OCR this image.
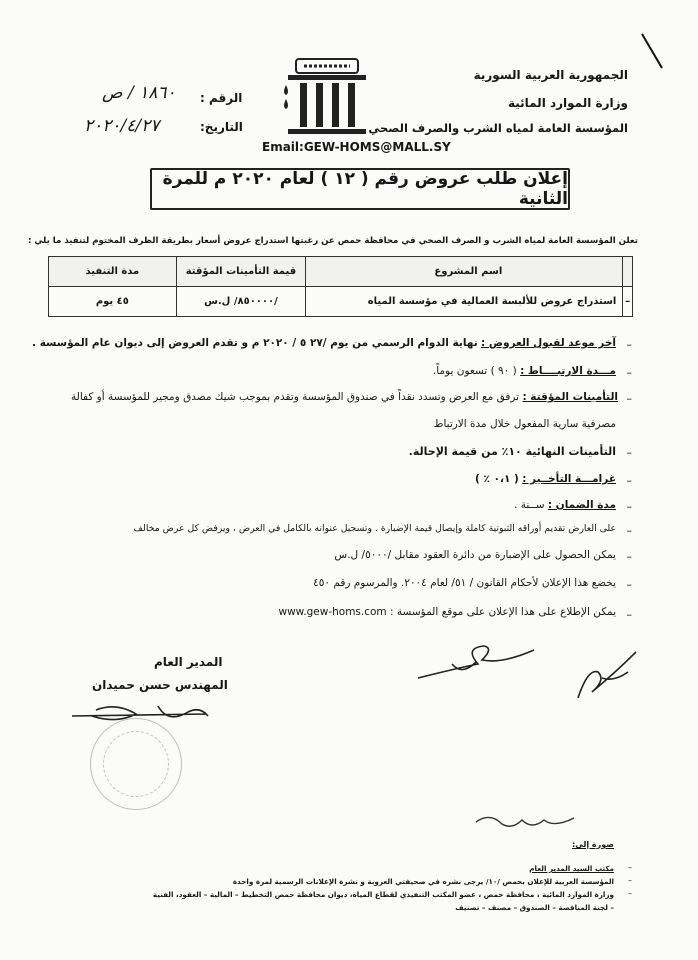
الجمهورية العربية السورية
وزارة الموارد المائية
المؤسسة العامة لمياه الشرب والصرف الصحي
الرقم :
١٨٦٠ / ص
التاريخ:
٢٠٢٠/٤/٢٧
Email:GEW-HOMS@MALL.SY
إعلان طلب عروض رقم ( ١٢ ) لعام ٢٠٢٠ م للمرة الثانية
تعلن المؤسسة العامة لمياه الشرب و الصرف الصحي في محافظة حمص عن رغبتها استدراج عروض أسعار بطريقة الظرف المختوم لتنفيذ ما يلي :
	اسم المشروع	قيمة التأمينات المؤقتة	مدة التنفيذ
–	استدراج عروض للألبسة العمالية في مؤسسة المياه	/٨٥٠٠٠٠/ ل.س	٤٥ يوم
–
آخر موعد لقبول العروض : نهاية الدوام الرسمي من يوم /٢٧ ٥ / ٢٠٢٠ م و تقدم العروض إلى ديوان عام المؤسسة .
–
مـــدة الارتبــــاط : ( ٩٠ ) تسعون يوماً.
–
التأمينات المؤقتة : ترفق مع العرض وتسدد نقداً في صندوق المؤسسة وتقدم بموجب شيك مصدق ومجير للمؤسسة أو كفالة
مصرفية سارية المفعول خلال مدة الارتباط
–
التأمينات النهائية ١٠٪ من قيمة الإحالة.
–
غرامـــة التأخــير : ( ٠،١ ٪ )
–
مدة الضمان : ســنة .
–
على العارض تقديم أوراقه الثبوتية كاملة وإيصال قيمة الإضبارة . وتسجيل عنوانه بالكامل في العرض ، ويرفض كل عرض مخالف
–
يمكن الحصول على الإضبارة من دائرة العقود مقابل /٥٠٠٠/ ل.س
–
يخضع هذا الإعلان لأحكام القانون / ٥١/ لعام ٢٠٠٤. والمرسوم رقم ٤٥٠
–
يمكن الإطلاع على هذا الإعلان على موقع المؤسسة : www.gew-homs.com
المدير العام
المهندس حسن حميدان
صورة إلى:
–
مكتب السيد المدير العام
–
المؤسسة العربية للإعلان بحمص /١٠/ يرجى نشره في صحيفتي العروبة و نشرة الإعلانات الرسمية لمرة واحدة
–
وزارة الموارد المائية ، محافظة حمص ، عضو المكتب التنفيذي لقطاع المياه، ديوان محافظة حمص التخطيط – المالية – العقود، الفنية
– لجنة المناقصة – الصندوق – مصنف – تصنيف
